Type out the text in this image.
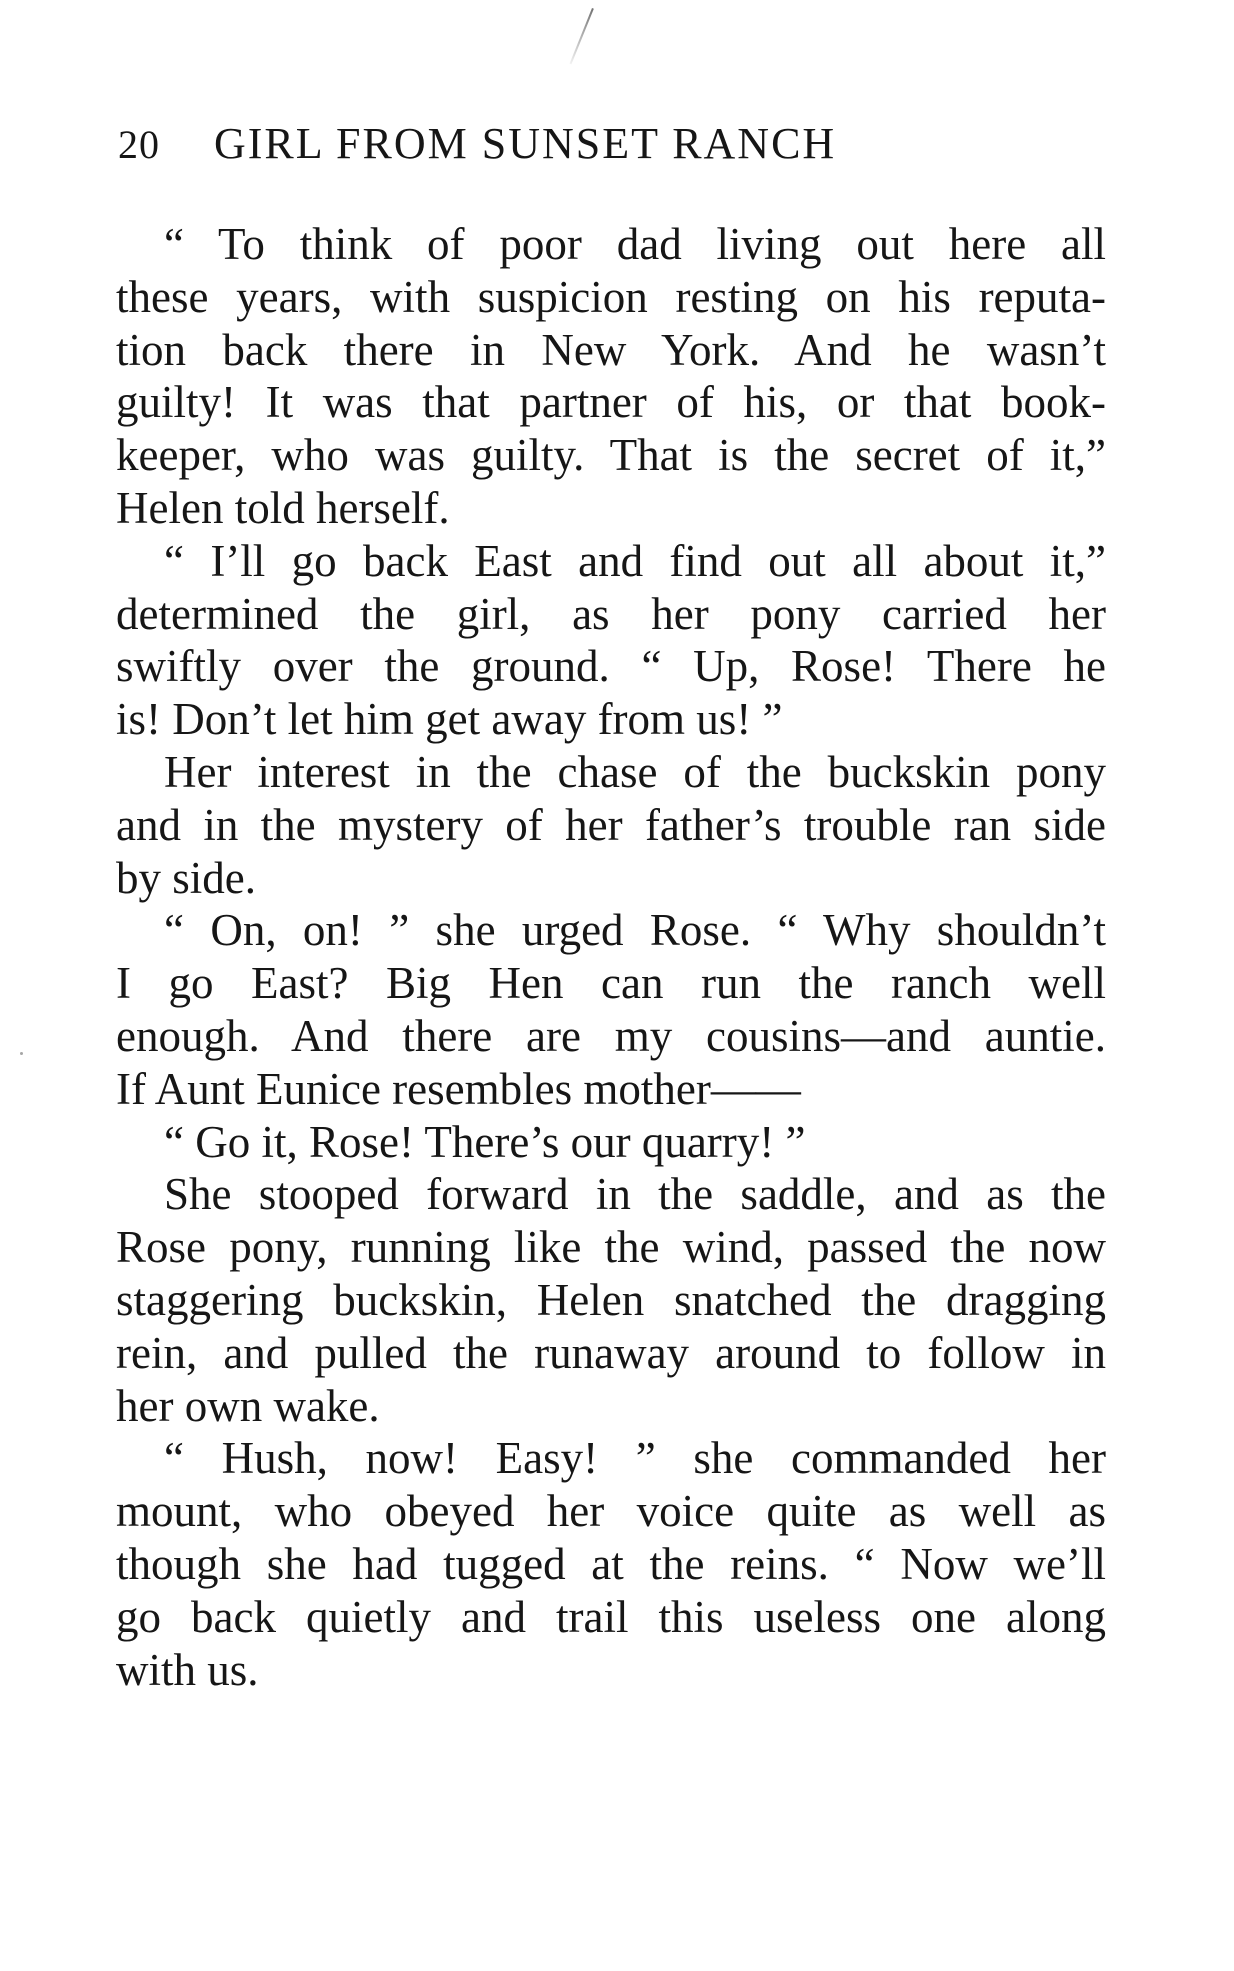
20	GIRL FROM SUNSET RANCH
“ To think of poor dad living out here all
these years, with suspicion resting on his reputa-
tion back there in New York. And he wasn’t
guilty! It was that partner of his, or that book-
keeper, who was guilty. That is the secret of it,”
Helen told herself.
“ I’ll go back East and find out all about it,”
determined the girl, as her pony carried her
swiftly over the ground. “ Up, Rose! There he
is! Don’t let him get away from us! ”
Her interest in the chase of the buckskin pony
and in the mystery of her father’s trouble ran side
by side.
“ On, on! ” she urged Rose. “ Why shouldn’t
I go East? Big Hen can run the ranch well
enough. And there are my cousins—and auntie.
If Aunt Eunice resembles mother——
“ Go it, Rose! There’s our quarry! ”
She stooped forward in the saddle, and as the
Rose pony, running like the wind, passed the now
staggering buckskin, Helen snatched the dragging
rein, and pulled the runaway around to follow in
her own wake.
“ Hush, now! Easy! ” she commanded her
mount, who obeyed her voice quite as well as
though she had tugged at the reins. “ Now we’ll
go back quietly and trail this useless one along
with us.
